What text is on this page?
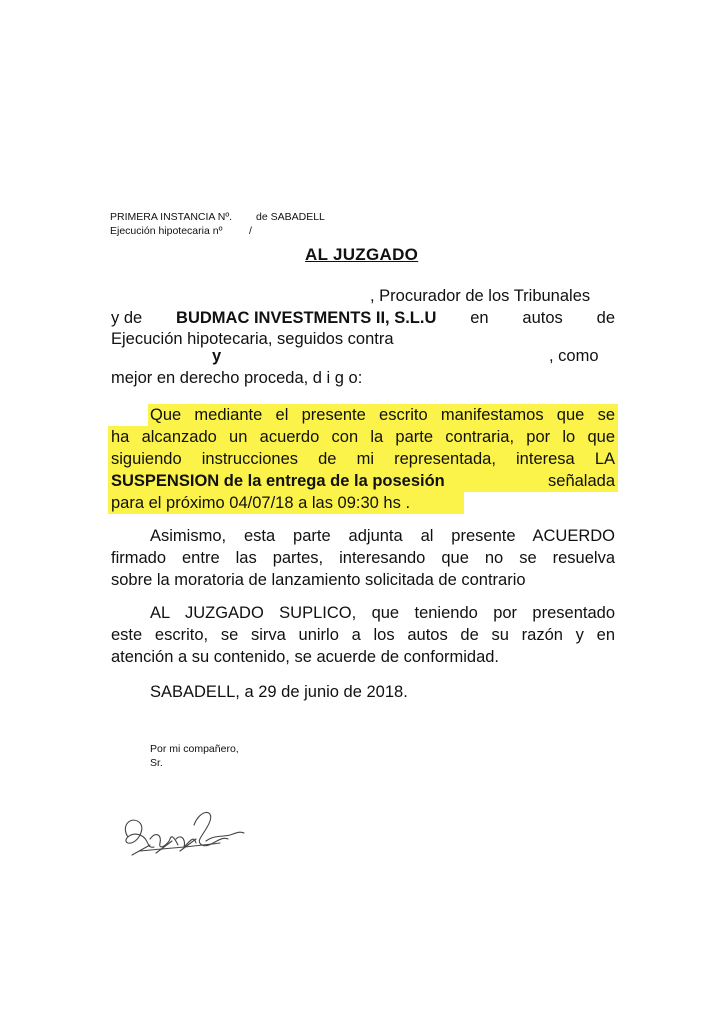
PRIMERA INSTANCIA Nº. de SABADELL
Ejecución hipotecaria nº	/
AL JUZGADO
, Procurador de los Tribunales
y de BUDMAC INVESTMENTS II, S.L.U en autos de
Ejecución hipotecaria, seguidos contra
y	, como
mejor en derecho proceda, d i g o:
Que mediante el presente escrito manifestamos que se
ha alcanzado un acuerdo con la parte contraria, por lo que
siguiendo instrucciones de mi representada, interesa LA
SUSPENSION de la entrega de la posesión	señalada
para el próximo 04/07/18 a las 09:30 hs .
Asimismo, esta parte adjunta al presente ACUERDO
firmado entre las partes, interesando que no se resuelva
sobre la moratoria de lanzamiento solicitada de contrario
AL JUZGADO SUPLICO, que teniendo por presentado
este escrito, se sirva unirlo a los autos de su razón y en
atención a su contenido, se acuerde de conformidad.
SABADELL, a 29 de junio de 2018.
Por mi compañero,
Sr.
